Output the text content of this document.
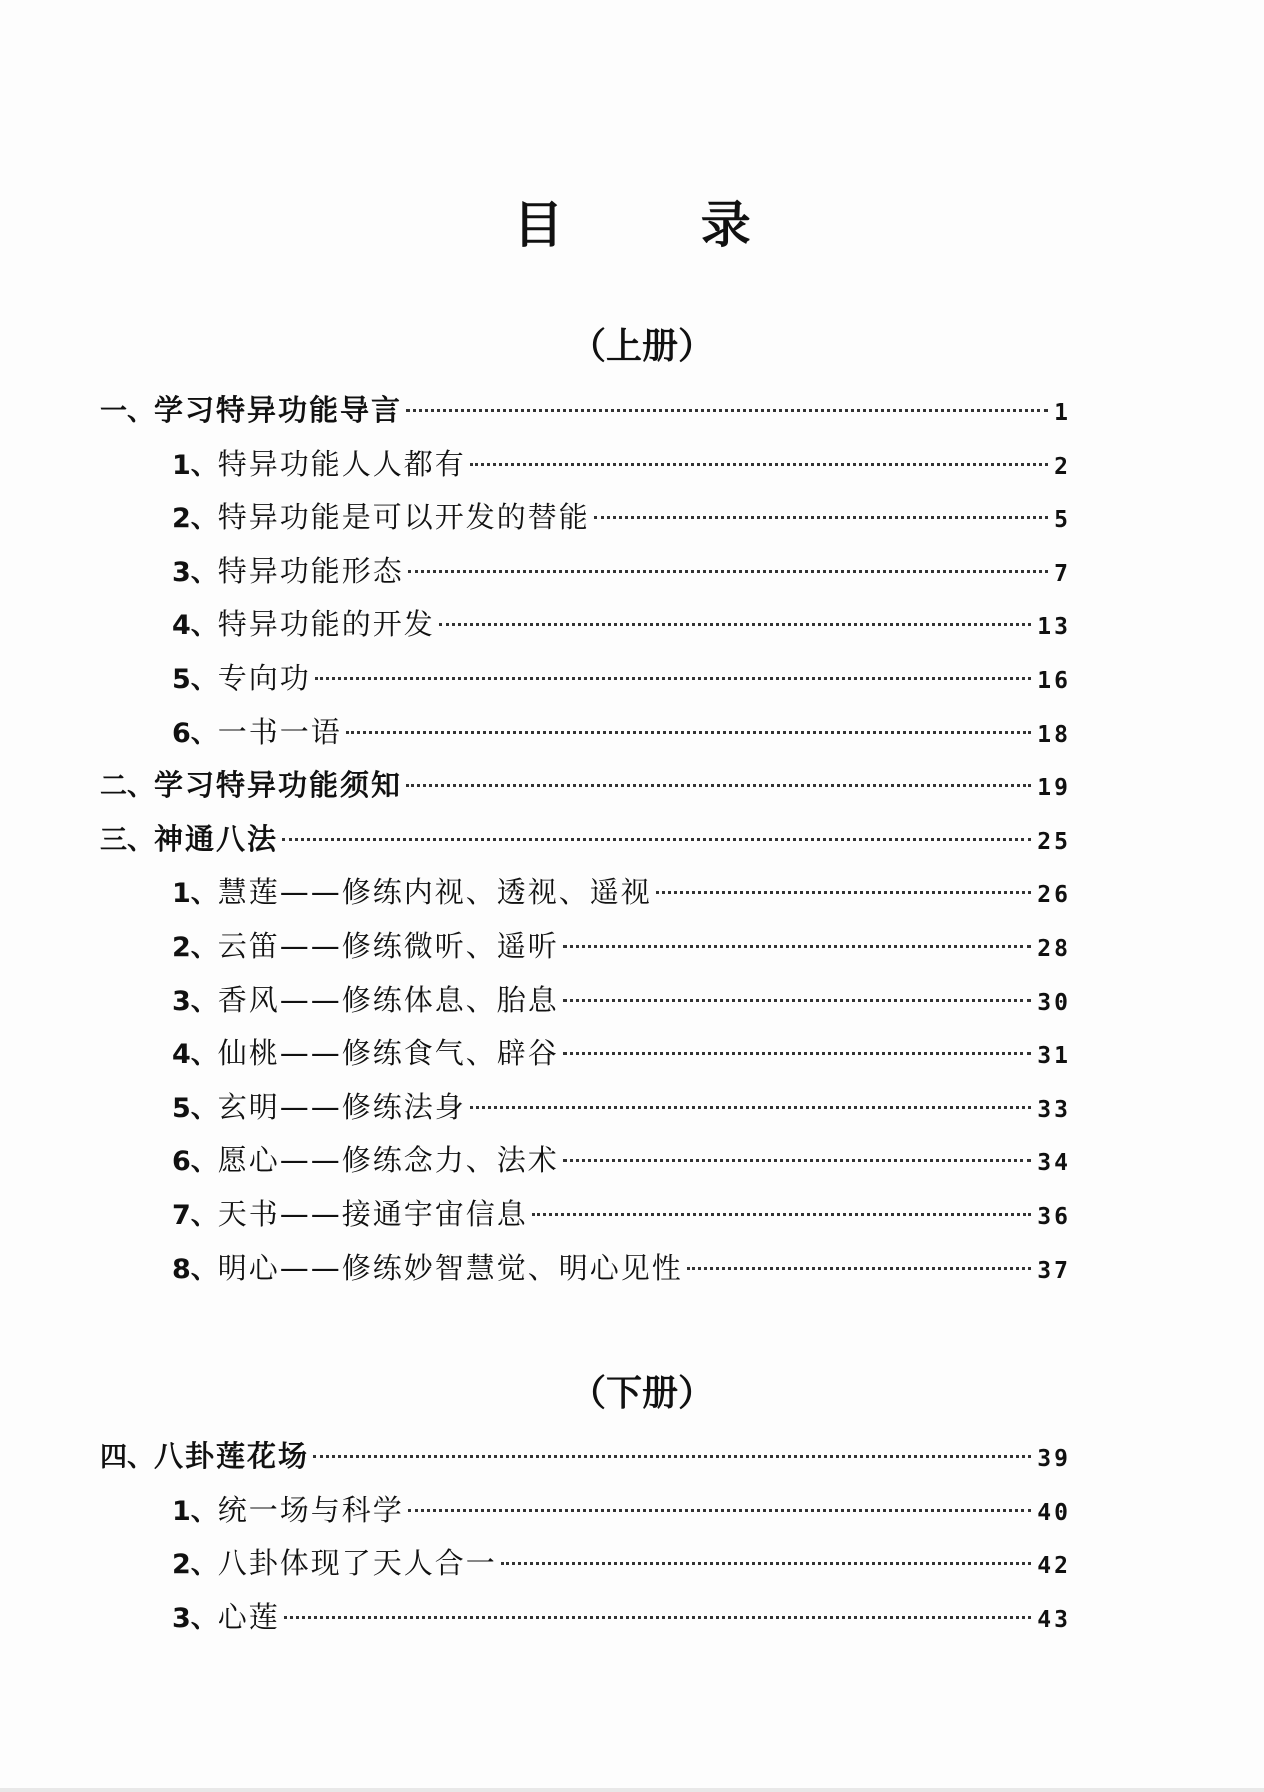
目 录
（上册）
一、 学习特异功能导言	1
1、 特异功能人人都有	2
2、 特异功能是可以开发的替能	5
3、 特异功能形态	7
4、 特异功能的开发	13
5、 专向功	16
6、 一书一语	18
二、 学习特异功能须知	19
三、 神通八法	25
1、 慧莲——修练内视、透视、遥视	26
2、 云笛——修练微听、遥听	28
3、 香风——修练体息、胎息	30
4、 仙桃——修练食气、辟谷	31
5、 玄明——修练法身	33
6、 愿心——修练念力、法术	34
7、 天书——接通宇宙信息	36
8、 明心——修练妙智慧觉、明心见性	37
（下册）
四、 八卦莲花场	39
1、 统一场与科学	40
2、 八卦体现了天人合一	42
3、 心莲	43
